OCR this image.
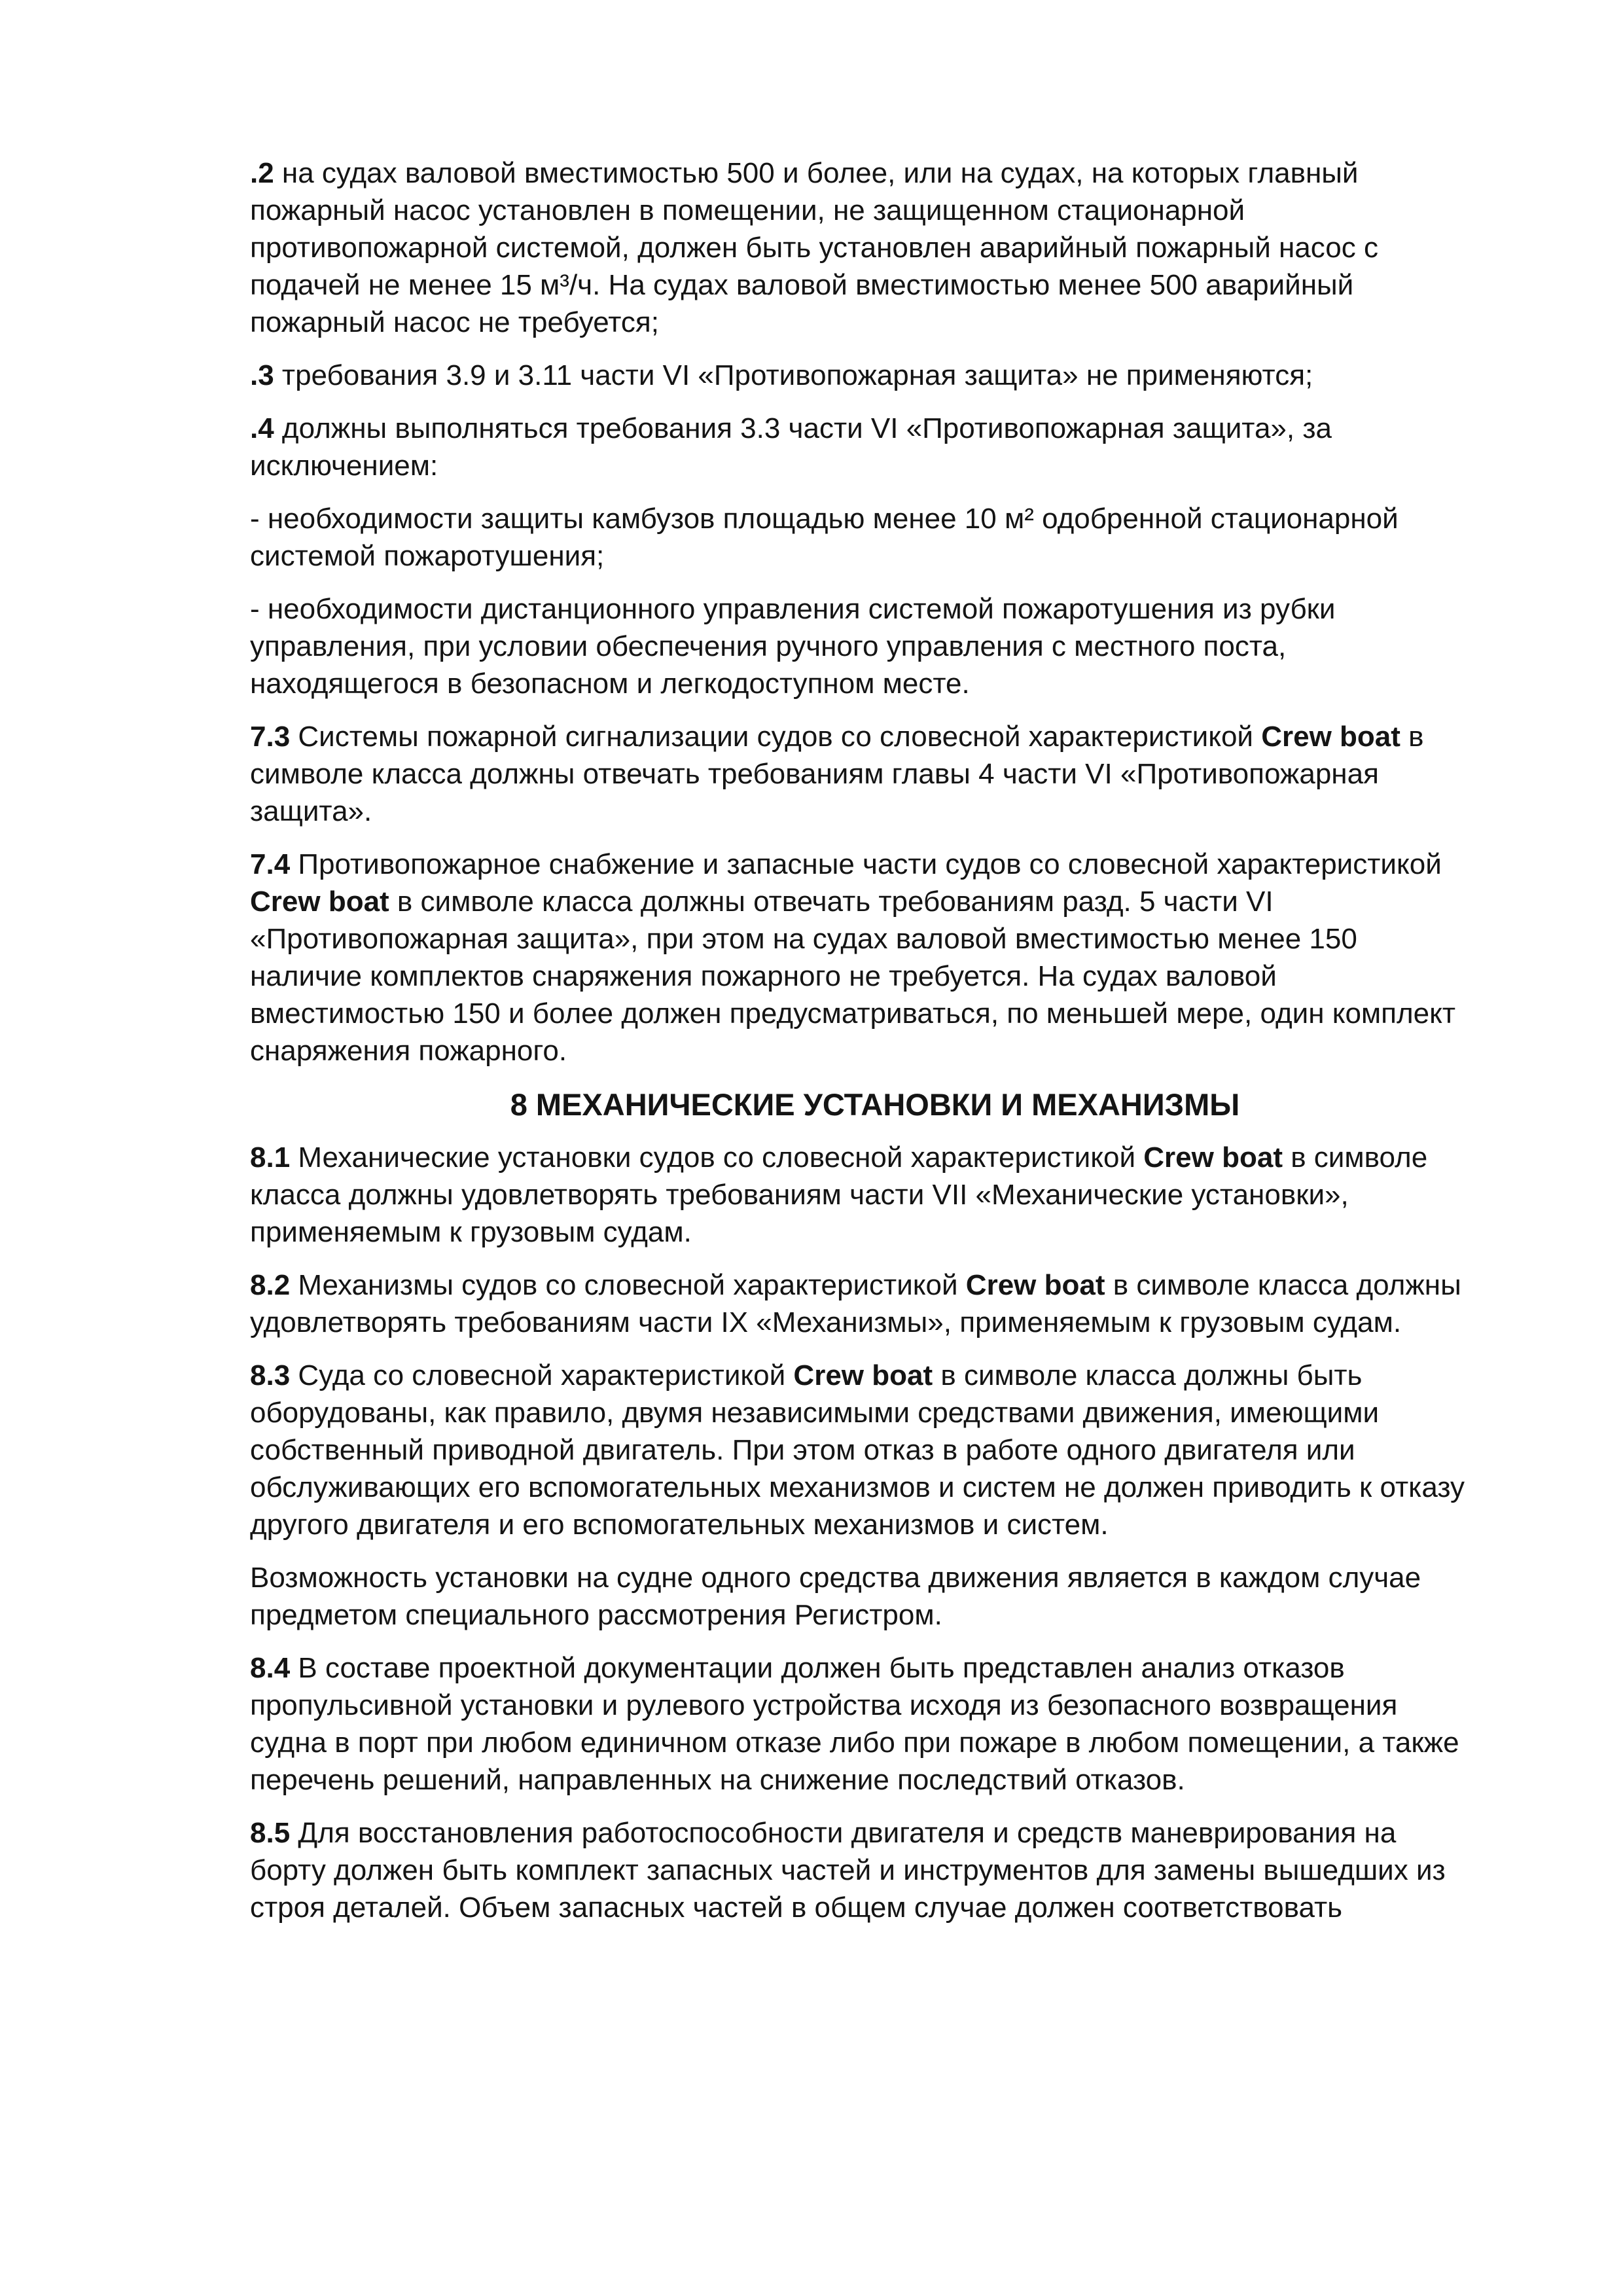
.2 на судах валовой вместимостью 500 и более, или на судах, на которых главный пожарный насос установлен в помещении, не защищенном стационарной противопожарной системой, должен быть установлен аварийный пожарный насос с подачей не менее 15 м³/ч. На судах валовой вместимостью менее 500 аварийный пожарный насос не требуется;

.3 требования 3.9 и 3.11 части VI «Противопожарная защита» не применяются;

.4 должны выполняться требования 3.3 части VI «Противопожарная защита», за исключением:

- необходимости защиты камбузов площадью менее 10 м² одобренной стационарной системой пожаротушения;

- необходимости дистанционного управления системой пожаротушения из рубки управления, при условии обеспечения ручного управления с местного поста, находящегося в безопасном и легкодоступном месте.

7.3 Системы пожарной сигнализации судов со словесной характеристикой Crew boat в символе класса должны отвечать требованиям главы 4 части VI «Противопожарная защита».

7.4 Противопожарное снабжение и запасные части судов со словесной характеристикой Crew boat в символе класса должны отвечать требованиям разд. 5 части VI «Противопожарная защита», при этом на судах валовой вместимостью менее 150 наличие комплектов снаряжения пожарного не требуется. На судах валовой вместимостью 150 и более должен предусматриваться, по меньшей мере, один комплект снаряжения пожарного.

8 МЕХАНИЧЕСКИЕ УСТАНОВКИ И МЕХАНИЗМЫ

8.1 Механические установки судов со словесной характеристикой Crew boat в символе класса должны удовлетворять требованиям части VII «Механические установки», применяемым к грузовым судам.

8.2 Механизмы судов со словесной характеристикой Crew boat в символе класса должны удовлетворять требованиям части IX «Механизмы», применяемым к грузовым судам.

8.3 Суда со словесной характеристикой Crew boat в символе класса должны быть оборудованы, как правило, двумя независимыми средствами движения, имеющими собственный приводной двигатель. При этом отказ в работе одного двигателя или обслуживающих его вспомогательных механизмов и систем не должен приводить к отказу другого двигателя и его вспомогательных механизмов и систем.

Возможность установки на судне одного средства движения является в каждом случае предметом специального рассмотрения Регистром.

8.4 В составе проектной документации должен быть представлен анализ отказов пропульсивной установки и рулевого устройства исходя из безопасного возвращения судна в порт при любом единичном отказе либо при пожаре в любом помещении, а также перечень решений, направленных на снижение последствий отказов.

8.5 Для восстановления работоспособности двигателя и средств маневрирования на борту должен быть комплект запасных частей и инструментов для замены вышедших из строя деталей. Объем запасных частей в общем случае должен соответствовать
